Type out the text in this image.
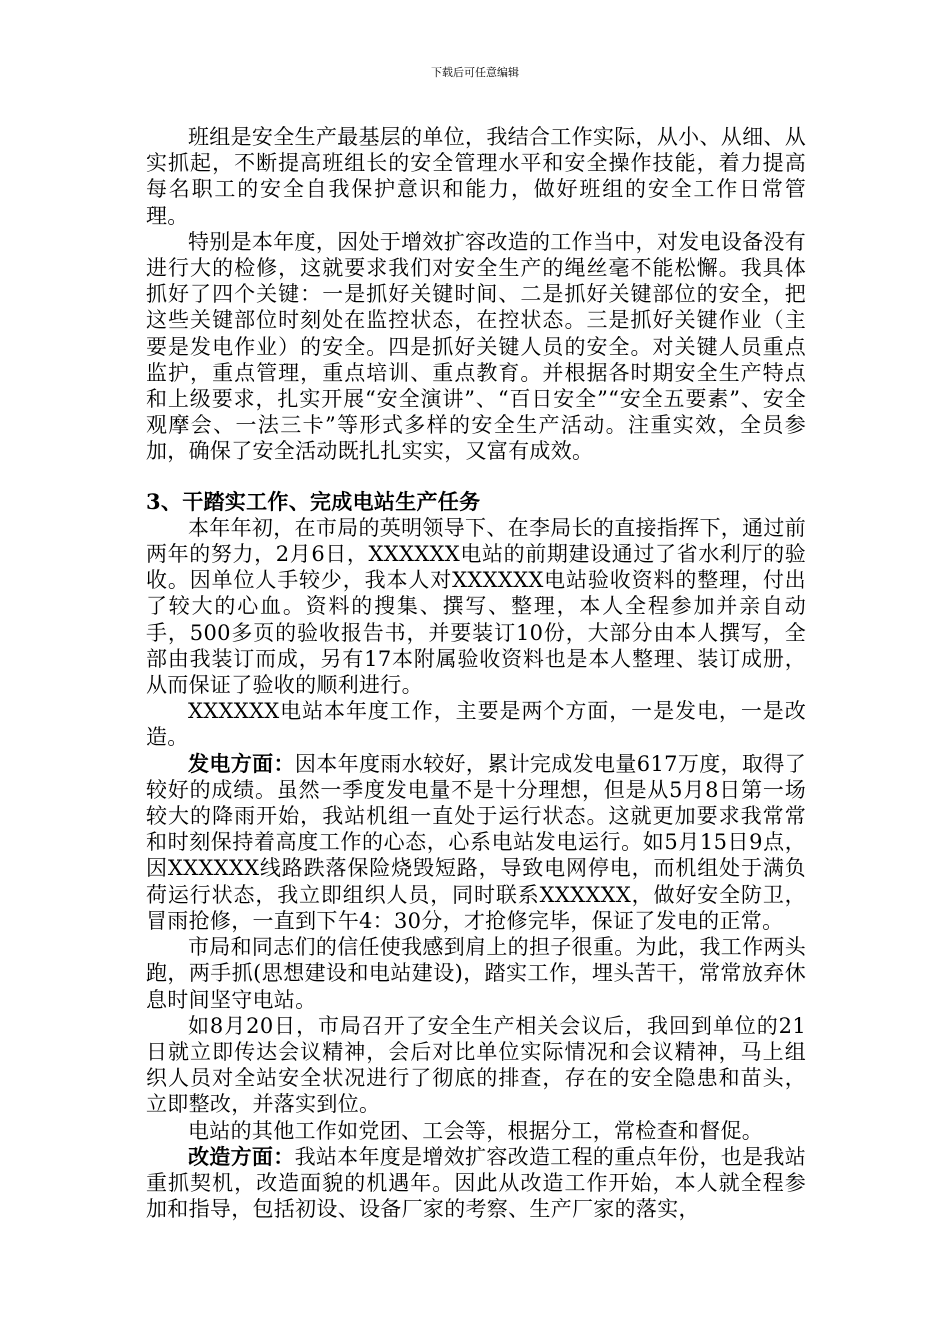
下载后可任意编辑

班组是安全生产最基层的单位，我结合工作实际，从小、从细、从实抓起，不断提高班组长的安全管理水平和安全操作技能，着力提高每名职工的安全自我保护意识和能力，做好班组的安全工作日常管理。

特别是本年度，因处于增效扩容改造的工作当中，对发电设备没有进行大的检修，这就要求我们对安全生产的绳丝毫不能松懈。我具体抓好了四个关键：一是抓好关键时间、二是抓好关键部位的安全，把这些关键部位时刻处在监控状态，在控状态。三是抓好关键作业（主要是发电作业）的安全。四是抓好关键人员的安全。对关键人员重点监护，重点管理，重点培训、重点教育。并根据各时期安全生产特点和上级要求，扎实开展“安全演讲”、“百日安全”“安全五要素”、安全观摩会、一法三卡”等形式多样的安全生产活动。注重实效，全员参加，确保了安全活动既扎扎实实，又富有成效。

3、干踏实工作、完成电站生产任务

本年年初，在市局的英明领导下、在李局长的直接指挥下，通过前两年的努力，2月6日，XXXXXX电站的前期建设通过了省水利厅的验收。因单位人手较少，我本人对XXXXXX电站验收资料的整理，付出了较大的心血。资料的搜集、撰写、整理，本人全程参加并亲自动手，500多页的验收报告书，并要装订10份，大部分由本人撰写，全部由我装订而成，另有17本附属验收资料也是本人整理、装订成册，从而保证了验收的顺利进行。

XXXXXX电站本年度工作，主要是两个方面，一是发电，一是改造。

发电方面：因本年度雨水较好，累计完成发电量617万度，取得了较好的成绩。虽然一季度发电量不是十分理想，但是从5月8日第一场较大的降雨开始，我站机组一直处于运行状态。这就更加要求我常常和时刻保持着高度工作的心态，心系电站发电运行。如5月15日9点，因XXXXXX线路跌落保险烧毁短路，导致电网停电，而机组处于满负荷运行状态，我立即组织人员，同时联系XXXXXX，做好安全防卫，冒雨抢修，一直到下午4：30分，才抢修完毕，保证了发电的正常。

市局和同志们的信任使我感到肩上的担子很重。为此，我工作两头跑，两手抓(思想建设和电站建设)，踏实工作，埋头苦干，常常放弃休息时间坚守电站。

如8月20日，市局召开了安全生产相关会议后，我回到单位的21日就立即传达会议精神，会后对比单位实际情况和会议精神，马上组织人员对全站安全状况进行了彻底的排查，存在的安全隐患和苗头，立即整改，并落实到位。

电站的其他工作如党团、工会等，根据分工，常检查和督促。

改造方面：我站本年度是增效扩容改造工程的重点年份，也是我站重抓契机，改造面貌的机遇年。因此从改造工作开始，本人就全程参加和指导，包括初设、设备厂家的考察、生产厂家的落实，
